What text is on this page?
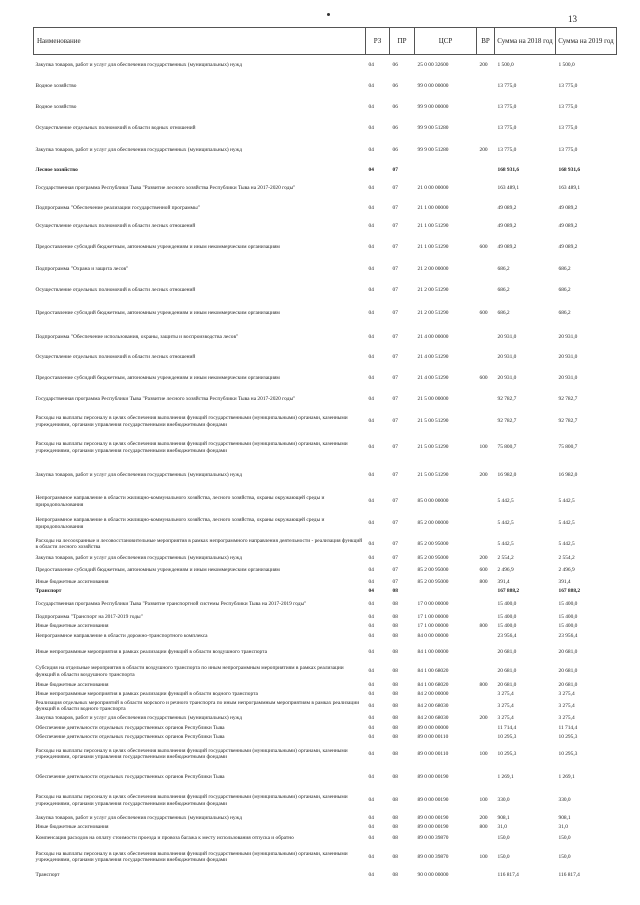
13
Наименование	РЗ	ПР	ЦСР	ВР	Сумма на 2018 год	Сумма на 2019 год
Закупка товаров, работ и услуг для обеспечения государственных (муниципальных) нужд	04	06	25 0 00 32600	200	1 500,0	1 500,0
Водное хозяйство	04	06	99 0 00 00000		13 775,0	13 775,0
Водное хозяйство	04	06	99 9 00 00000		13 775,0	13 775,0
Осуществление отдельных полномочий в области водных отношений	04	06	99 9 00 51280		13 775,0	13 775,0
Закупка товаров, работ и услуг для обеспечения государственных (муниципальных) нужд	04	06	99 9 00 51280	200	13 775,0	13 775,0
Лесное хозяйство	04	07			168 931,6	168 931,6
Государственная программа Республики Тыва "Развитие лесного хозяйства Республики Тыва на 2017-2020 годы"	04	07	21 0 00 00000		163 489,1	163 489,1
Подпрограмма "Обеспечение реализации государственной программы"	04	07	21 1 00 00000		49 089,2	49 089,2
Осуществление отдельных полномочий в области лесных отношений	04	07	21 1 00 51290		49 089,2	49 089,2
Предоставление субсидий бюджетным, автономным учреждениям и иным некоммерческим организациям	04	07	21 1 00 51290	600	49 089,2	49 089,2
Подпрограмма "Охрана и защита лесов"	04	07	21 2 00 00000		686,2	686,2
Осуществление отдельных полномочий в области лесных отношений	04	07	21 2 00 51290		686,2	686,2
Предоставление субсидий бюджетным, автономным учреждениям и иным некоммерческим организациям	04	07	21 2 00 51290	600	686,2	686,2
Подпрограмма "Обеспечение использования, охраны, защиты и воспроизводства лесов"	04	07	21 4 00 00000		20 931,0	20 931,0
Осуществление отдельных полномочий в области лесных отношений	04	07	21 4 00 51290		20 931,0	20 931,0
Предоставление субсидий бюджетным, автономным учреждениям и иным некоммерческим организациям	04	07	21 4 00 51290	600	20 931,0	20 931,0
Государственная программа Республики Тыва "Развитие лесного хозяйства Республики Тыва на 2017-2020 годы"	04	07	21 5 00 00000		92 782,7	92 782,7
Расходы на выплаты персоналу в целях обеспечения выполнения функций государственными (муниципальными) органами, казенными учреждениями, органами управления государственными внебюджетными фондами	04	07	21 5 00 51290		92 782,7	92 782,7
Расходы на выплаты персоналу в целях обеспечения выполнения функций государственными (муниципальными) органами, казенными учреждениями, органами управления государственными внебюджетными фондами	04	07	21 5 00 51290	100	75 800,7	75 800,7
Закупка товаров, работ и услуг для обеспечения государственных (муниципальных) нужд	04	07	21 5 00 51290	200	16 982,0	16 982,0
Непрограммное направление в области жилищно-коммунального хозяйства, лесного хозяйства, охраны окружающей среды и природопользования	04	07	85 0 00 00000		5 442,5	5 442,5
Непрограммное направление в области жилищно-коммунального хозяйства, лесного хозяйства, охраны окружающей среды и природопользования	04	07	85 2 00 00000		5 442,5	5 442,5
Расходы на лесоохранные и лесовосстановительные мероприятия в рамках непрограммного направления деятельности - реализация функций в области лесного хозяйства	04	07	85 2 00 95000		5 442,5	5 442,5
Закупка товаров, работ и услуг для обеспечения государственных (муниципальных) нужд	04	07	85 2 00 95000	200	2 554,2	2 554,2
Предоставление субсидий бюджетным, автономным учреждениям и иным некоммерческим организациям	04	07	85 2 00 95000	600	2 496,9	2 496,9
Иные бюджетные ассигнования	04	07	85 2 00 95000	800	391,4	391,4
Транспорт	04	08			167 888,2	167 888,2
Государственная программа Республики Тыва "Развитие транспортной системы Республики Тыва на 2017-2019 годы"	04	08	17 0 00 00000		15 400,0	15 400,0
Подпрограмма "Транспорт на 2017-2019 годы"	04	08	17 1 00 00000		15 400,0	15 400,0
Иные бюджетные ассигнования	04	08	17 1 00 00000	800	15 400,0	15 400,0
Непрограммное направление в области дорожно-транспортного комплекса	04	08	84 0 00 00000		23 956,4	23 956,4
Иные непрограммные мероприятия в рамках реализации функций в области воздушного транспорта	04	08	84 1 00 00000		20 681,0	20 681,0
Субсидия на отдельные мероприятия в области воздушного транспорта по иным непрограммным мероприятиям в рамках реализации функций в области воздушного транспорта	04	08	84 1 00 68020		20 681,0	20 681,0
Иные бюджетные ассигнования	04	08	84 1 00 68020	800	20 681,0	20 681,0
Иные непрограммные мероприятия в рамках реализации функций в области водного транспорта	04	08	84 2 00 00000		3 275,4	3 275,4
Реализация отдельных мероприятий в области морского и речного транспорта по иным непрограммным мероприятиям в рамках реализации функций в области водного транспорта	04	08	84 2 00 68030		3 275,4	3 275,4
Закупка товаров, работ и услуг для обеспечения государственных (муниципальных) нужд	04	08	84 2 00 68030	200	3 275,4	3 275,4
Обеспечение деятельности отдельных государственных органов Республики Тыва	04	08	89 0 00 00000		11 714,4	11 714,4
Обеспечение деятельности отдельных государственных органов Республики Тыва	04	08	89 0 00 00110		10 295,3	10 295,3
Расходы на выплаты персоналу в целях обеспечения выполнения функций государственными (муниципальными) органами, казенными учреждениями, органами управления государственными внебюджетными фондами	04	08	89 0 00 00110	100	10 295,3	10 295,3
Обеспечение деятельности отдельных государственных органов Республики Тыва	04	08	89 0 00 00190		1 269,1	1 269,1
Расходы на выплаты персоналу в целях обеспечения выполнения функций государственными (муниципальными) органами, казенными учреждениями, органами управления государственными внебюджетными фондами	04	08	89 0 00 00190	100	330,0	330,0
Закупка товаров, работ и услуг для обеспечения государственных (муниципальных) нужд	04	08	89 0 00 00190	200	908,1	908,1
Иные бюджетные ассигнования	04	08	89 0 00 00190	800	31,0	31,0
Компенсация расходов на оплату стоимости проезда и провоза багажа к месту использования отпуска и обратно	04	08	89 0 00 39870		150,0	150,0
Расходы на выплаты персоналу в целях обеспечения выполнения функций государственными (муниципальными) органами, казенными учреждениями, органами управления государственными внебюджетными фондами	04	08	89 0 00 39870	100	150,0	150,0
Транспорт	04	08	90 0 00 00000		116 817,4	116 817,4
